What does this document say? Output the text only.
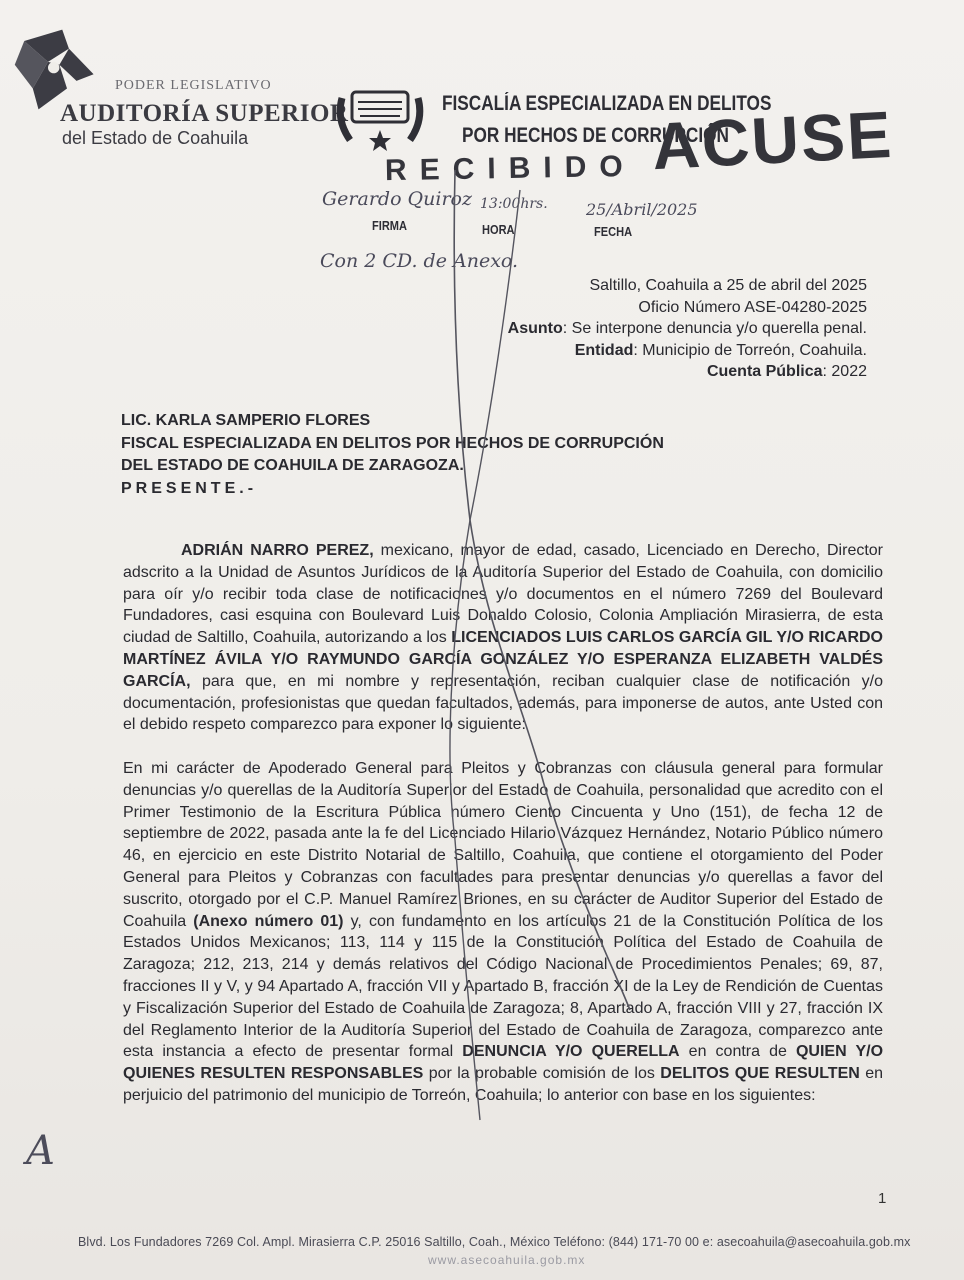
PODER LEGISLATIVO
AUDITORÍA SUPERIOR
del Estado de Coahuila
FISCALÍA ESPECIALIZADA EN DELITOS
POR HECHOS DE CORRUPCIÓN
RECIBIDO ACUSE
Gerardo Quiroz 13:00hrs. 25/Abril/2025
Con 2 CD. de Anexo.
FIRMA	HORA	FECHA
Saltillo, Coahuila a 25 de abril del 2025
Oficio Número ASE-04280-2025
Asunto: Se interpone denuncia y/o querella penal.
Entidad: Municipio de Torreón, Coahuila.
Cuenta Pública: 2022
LIC. KARLA SAMPERIO FLORES
FISCAL ESPECIALIZADA EN DELITOS POR HECHOS DE CORRUPCIÓN
DEL ESTADO DE COAHUILA DE ZARAGOZA.
PRESENTE.-
ADRIÁN NARRO PEREZ, mexicano, mayor de edad, casado, Licenciado en Derecho, Director adscrito a la Unidad de Asuntos Jurídicos de la Auditoría Superior del Estado de Coahuila, con domicilio para oír y/o recibir toda clase de notificaciones y/o documentos en el número 7269 del Boulevard Fundadores, casi esquina con Boulevard Luis Donaldo Colosio, Colonia Ampliación Mirasierra, de esta ciudad de Saltillo, Coahuila, autorizando a los LICENCIADOS LUIS CARLOS GARCÍA GIL Y/O RICARDO MARTÍNEZ ÁVILA Y/O RAYMUNDO GARCÍA GONZÁLEZ Y/O ESPERANZA ELIZABETH VALDÉS GARCÍA, para que, en mi nombre y representación, reciban cualquier clase de notificación y/o documentación, profesionistas que quedan facultados, además, para imponerse de autos, ante Usted con el debido respeto comparezco para exponer lo siguiente:
En mi carácter de Apoderado General para Pleitos y Cobranzas con cláusula general para formular denuncias y/o querellas de la Auditoría Superior del Estado de Coahuila, personalidad que acredito con el Primer Testimonio de la Escritura Pública número Ciento Cincuenta y Uno (151), de fecha 12 de septiembre de 2022, pasada ante la fe del Licenciado Hilario Vázquez Hernández, Notario Público número 46, en ejercicio en este Distrito Notarial de Saltillo, Coahuila, que contiene el otorgamiento del Poder General para Pleitos y Cobranzas con facultades para presentar denuncias y/o querellas a favor del suscrito, otorgado por el C.P. Manuel Ramírez Briones, en su carácter de Auditor Superior del Estado de Coahuila (Anexo número 01) y, con fundamento en los artículos 21 de la Constitución Política de los Estados Unidos Mexicanos; 113, 114 y 115 de la Constitución Política del Estado de Coahuila de Zaragoza; 212, 213, 214 y demás relativos del Código Nacional de Procedimientos Penales; 69, 87, fracciones II y V, y 94 Apartado A, fracción VII y Apartado B, fracción XI de la Ley de Rendición de Cuentas y Fiscalización Superior del Estado de Coahuila de Zaragoza; 8, Apartado A, fracción VIII y 27, fracción IX del Reglamento Interior de la Auditoría Superior del Estado de Coahuila de Zaragoza, comparezco ante esta instancia a efecto de presentar formal DENUNCIA Y/O QUERELLA en contra de QUIEN Y/O QUIENES RESULTEN RESPONSABLES por la probable comisión de los DELITOS QUE RESULTEN en perjuicio del patrimonio del municipio de Torreón, Coahuila; lo anterior con base en los siguientes:
A
1
Blvd. Los Fundadores 7269 Col. Ampl. Mirasierra C.P. 25016 Saltillo, Coah., México Teléfono: (844) 171-70 00 e: asecoahuila@asecoahuila.gob.mx
www.asecoahuila.gob.mx
